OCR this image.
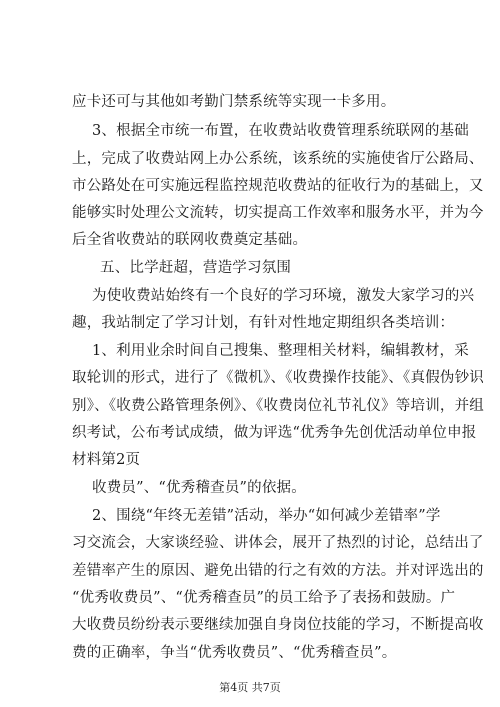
应卡还可与其他如考勤门禁系统等实现一卡多用。
3、根据全市统一布置，在收费站收费管理系统联网的基础
上，完成了收费站网上办公系统，该系统的实施使省厅公路局、
市公路处在可实施远程监控规范收费站的征收行为的基础上，又
能够实时处理公文流转，切实提高工作效率和服务水平，并为今
后全省收费站的联网收费奠定基础。
五、比学赶超，营造学习氛围
为使收费站始终有一个良好的学习环境，激发大家学习的兴
趣，我站制定了学习计划，有针对性地定期组织各类培训：
1、利用业余时间自己搜集、整理相关材料，编辑教材，采
取轮训的形式，进行了《微机》、《收费操作技能》、《真假伪钞识
别》、《收费公路管理条例》、《收费岗位礼节礼仪》等培训，并组
织考试，公布考试成绩，做为评选“优秀争先创优活动单位申报
材料第2页
收费员”、“优秀稽查员”的依据。
2、围绕“年终无差错”活动，举办“如何减少差错率”学
习交流会，大家谈经验、讲体会，展开了热烈的讨论，总结出了
差错率产生的原因、避免出错的行之有效的方法。并对评选出的
“优秀收费员”、“优秀稽查员”的员工给予了表扬和鼓励。广
大收费员纷纷表示要继续加强自身岗位技能的学习，不断提高收
费的正确率，争当“优秀收费员”、“优秀稽查员”。
第4页 共7页
